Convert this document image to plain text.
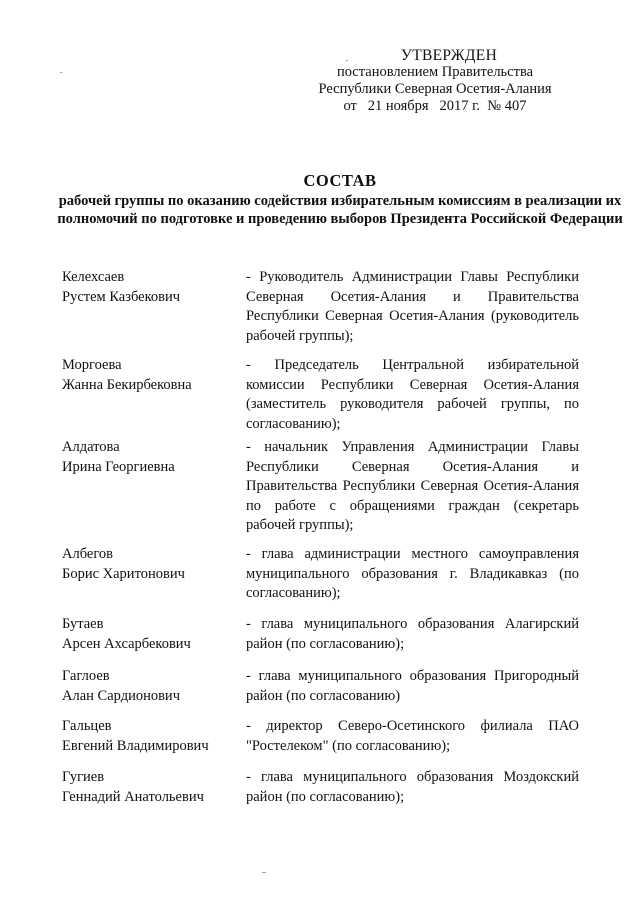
УТВЕРЖДЕН
постановлением Правительства
Республики Северная Осетия-Алания
от   21 ноября   2017 г.  № 407
СОСТАВ
рабочей группы по оказанию содействия избирательным комиссиям в реализации их полномочий по подготовке и проведению выборов Президента Российской Федерации
Келехсаев
Рустем Казбекович
- Руководитель Администрации Главы Республики Северная Осетия-Алания и Правительства Республики Северная Осетия-Алания (руководитель рабочей группы);
Моргоева
Жанна Бекирбековна
- Председатель Центральной избирательной комиссии Республики Северная Осетия-Алания (заместитель руководителя рабочей группы, по согласованию);
Алдатова
Ирина Георгиевна
- начальник Управления Администрации Главы Республики Северная Осетия-Алания и Правительства Республики Северная Осетия-Алания по работе с обращениями граждан (секретарь рабочей группы);
Албегов
Борис Харитонович
- глава администрации местного самоуправления муниципального образования г. Владикавказ (по согласованию);
Бутаев
Арсен Ахсарбекович
- глава муниципального образования Алагирский район (по согласованию);
Гаглоев
Алан Сардионович
- глава муниципального образования Пригородный район (по согласованию)
Гальцев
Евгений Владимирович
- директор Северо-Осетинского филиала ПАО "Ростелеком" (по согласованию);
Гугиев
Геннадий Анатольевич
- глава муниципального образования Моздокский район (по согласованию);
